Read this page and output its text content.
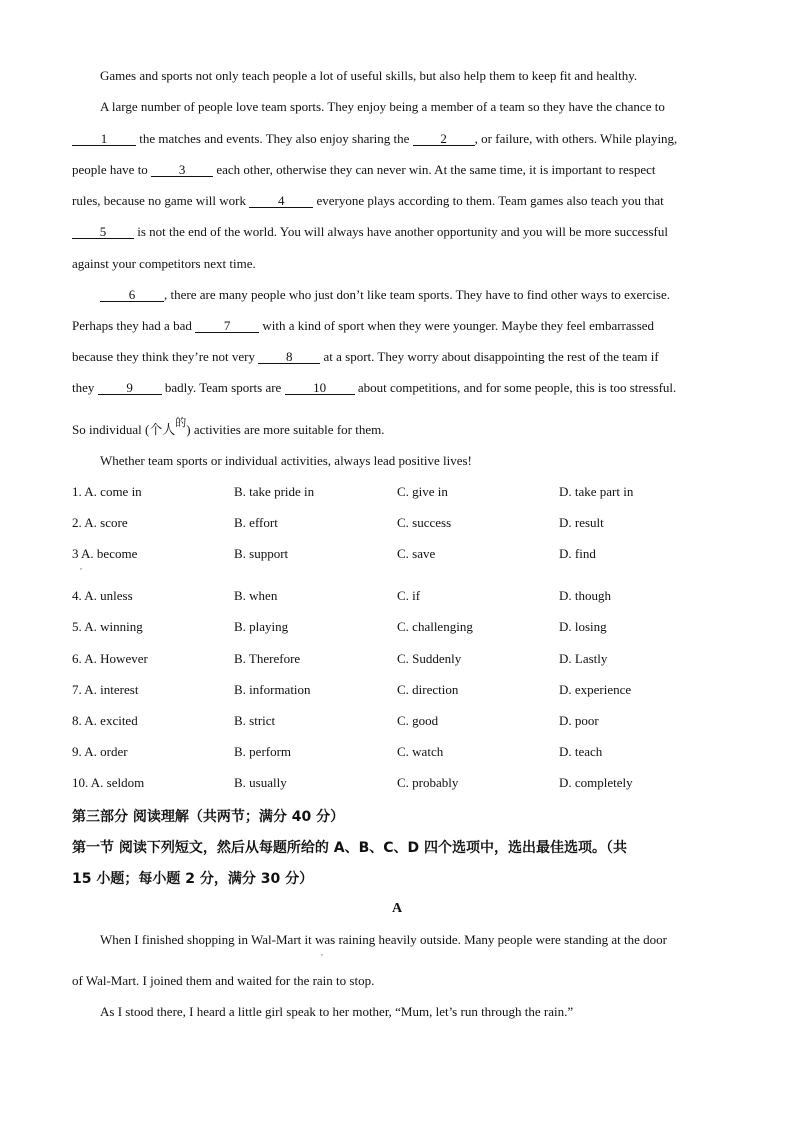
Games and sports not only teach people a lot of useful skills, but also help them to keep fit and healthy.
A large number of people love team sports. They enjoy being a member of a team so they have the chance to
1 the matches and events. They also enjoy sharing the 2 , or failure, with others. While playing,
people have to 3 each other, otherwise they can never win. At the same time, it is important to respect
rules, because no game will work 4 everyone plays according to them. Team games also teach you that
5 is not the end of the world. You will always have another opportunity and you will be more successful
against your competitors next time.
6 , there are many people who just don’t like team sports. They have to find other ways to exercise.
Perhaps they had a bad 7 with a kind of sport when they were younger. Maybe they feel embarrassed
because they think they’re not very 8 at a sport. They worry about disappointing the rest of the team if
they 9 badly. Team sports are 10 about competitions, and for some people, this is too stressful.
So individual (个人$^的$) activities are more suitable for them.
Whether team sports or individual activities, always lead positive lives!
1. A. come in	B. take pride in	C. give in	D. take part in
2. A. score	B. effort	C. success	D. result
3 A. become	B. support	C. save	D. find
4. A. unless	B. when	C. if	D. though
5. A. winning	B. playing	C. challenging	D. losing
6. A. However	B. Therefore	C. Suddenly	D. Lastly
7. A. interest	B. information	C. direction	D. experience
8. A. excited	B. strict	C. good	D. poor
9. A. order	B. perform	C. watch	D. teach
10. A. seldom	B. usually	C. probably	D. completely
,
第三部分 阅读理解（共两节；满分 40 分）
第一节 阅读下列短文，然后从每题所给的 A、B、C、D 四个选项中，选出最佳选项。（共
15 小题；每小题 2 分，满分 30 分）
A
When I finished shopping in Wal-Mart it was raining heavily outside. Many people were standing at the door
,
of Wal-Mart. I joined them and waited for the rain to stop.
As I stood there, I heard a little girl speak to her mother, “Mum, let’s run through the rain.”
